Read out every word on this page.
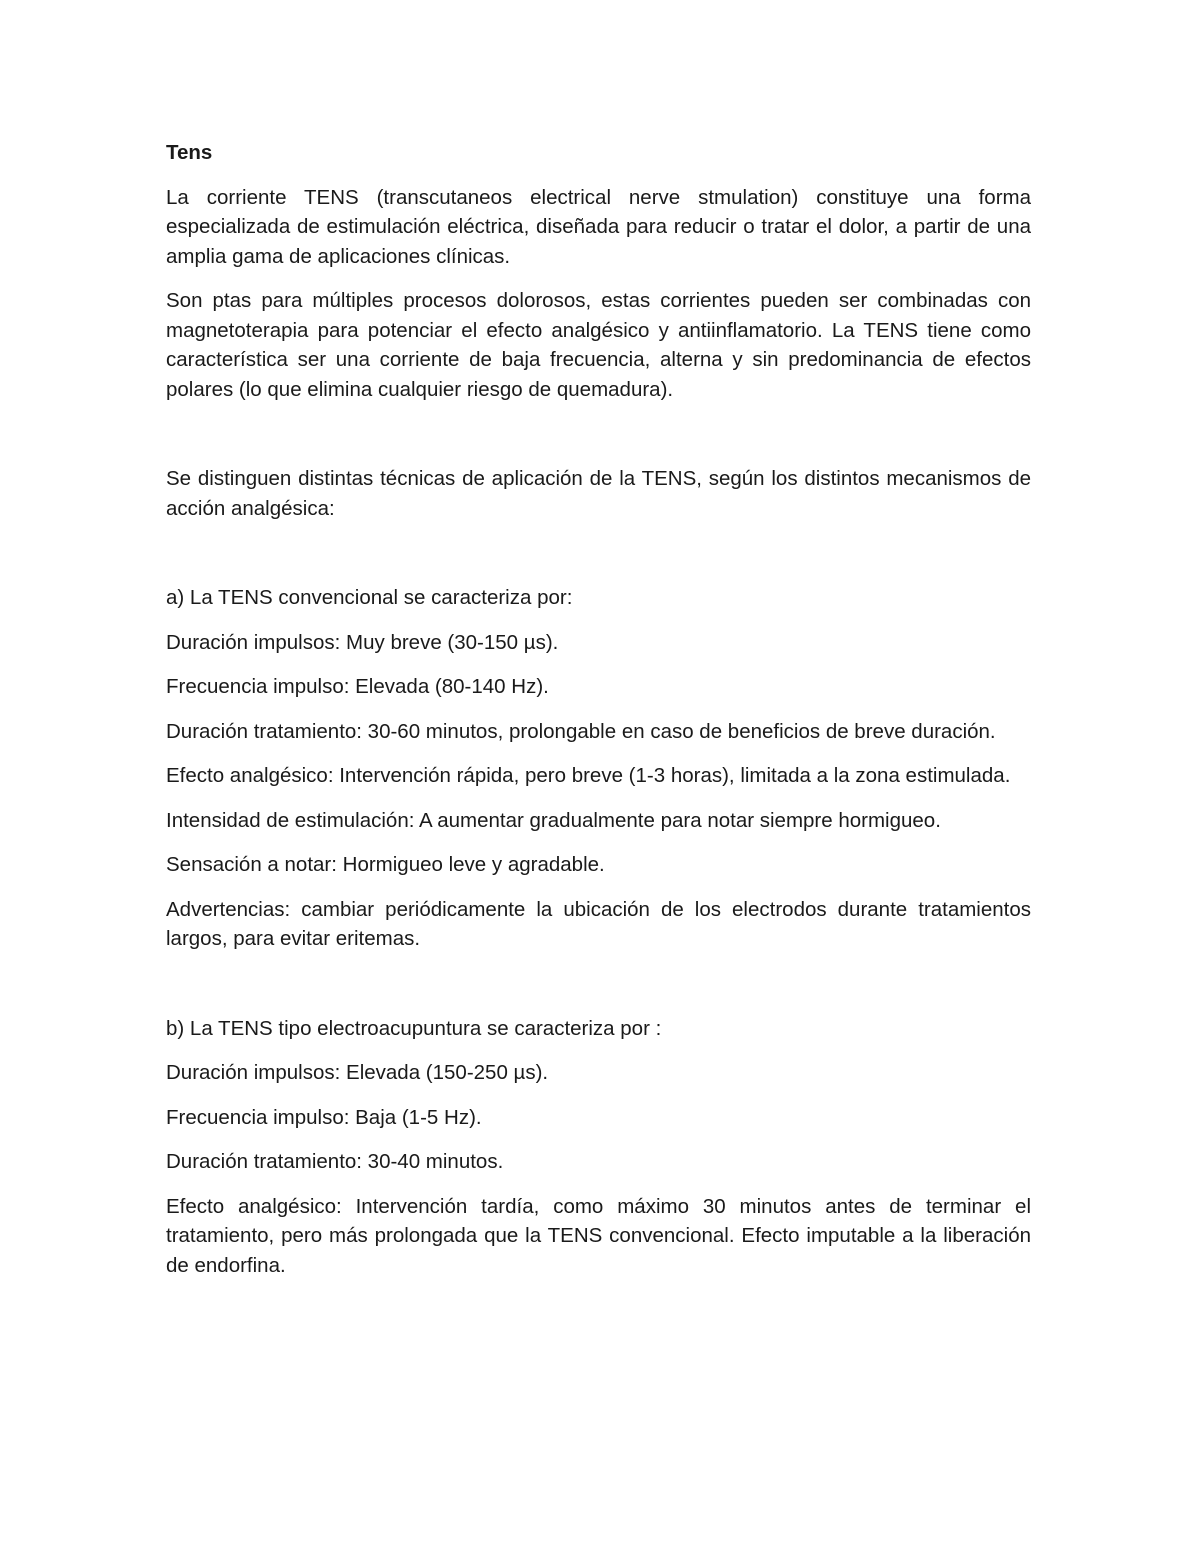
Tens
La corriente TENS (transcutaneos electrical nerve stmulation) constituye una forma especializada de estimulación eléctrica, diseñada para reducir o tratar el dolor, a partir de una amplia gama de aplicaciones clínicas.
Son ptas para múltiples procesos dolorosos, estas corrientes pueden ser combinadas con magnetoterapia para potenciar el efecto analgésico y antiinflamatorio. La TENS tiene como característica ser una corriente de baja frecuencia, alterna y sin predominancia de efectos polares (lo que elimina cualquier riesgo de quemadura).
Se distinguen distintas técnicas de aplicación de la TENS, según los distintos mecanismos de acción analgésica:
a) La TENS convencional se caracteriza por:
Duración impulsos: Muy breve (30-150 µs).
Frecuencia impulso: Elevada (80-140 Hz).
Duración tratamiento: 30-60 minutos, prolongable en caso de beneficios de breve duración.
Efecto analgésico: Intervención rápida, pero breve (1-3 horas), limitada a la zona estimulada.
Intensidad de estimulación: A aumentar gradualmente para notar siempre hormigueo.
Sensación a notar: Hormigueo leve y agradable.
Advertencias: cambiar periódicamente la ubicación de los electrodos durante tratamientos largos, para evitar eritemas.
b) La TENS tipo electroacupuntura se caracteriza por :
Duración impulsos: Elevada (150-250 µs).
Frecuencia impulso: Baja (1-5 Hz).
Duración tratamiento: 30-40 minutos.
Efecto analgésico: Intervención tardía, como máximo 30 minutos antes de terminar el tratamiento, pero más prolongada que la TENS convencional. Efecto imputable a la liberación de endorfina.
